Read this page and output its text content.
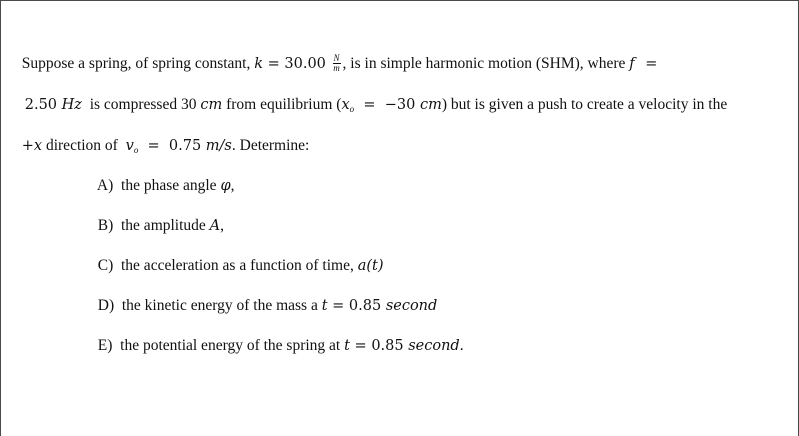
Suppose a spring, of spring constant, $k = 30.00 \frac{N}{m}$ , is in simple harmonic motion (SHM), where f =

2.50 Hz  is compressed 30 cm from equilibrium ($x_o = -30$ cm) but is given a push to create a velocity in the

+x direction of  $v_o = 0.75$ m/s. Determine:

A)  the phase angle φ,

B)  the amplitude A,

C)  the acceleration as a function of time, a(t)

D)  the kinetic energy of the mass a t = 0.85 second

E)  the potential energy of the spring at t = 0.85 second.
